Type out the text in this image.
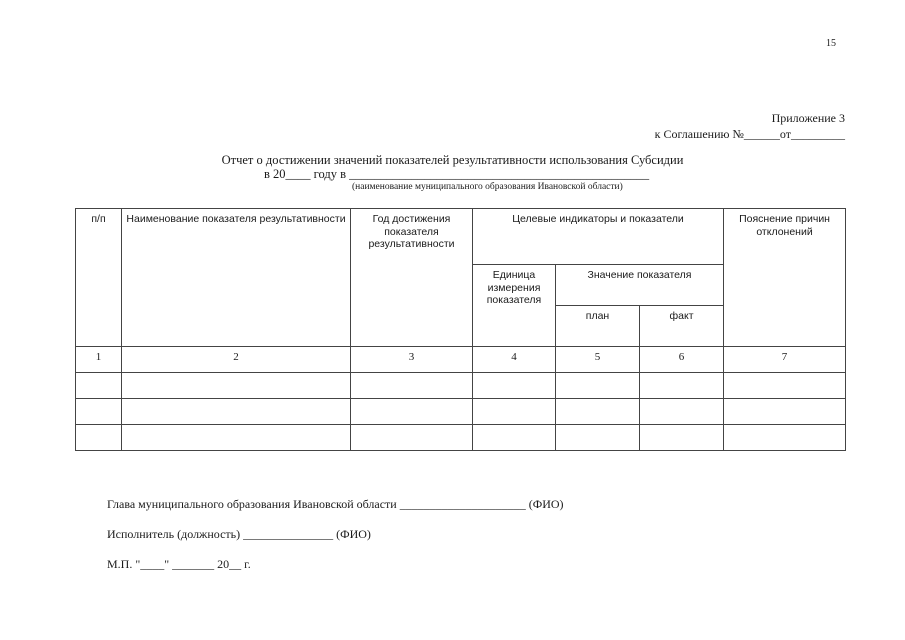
15
Приложение 3
к Соглашению №______от_________
Отчет о достижении значений показателей результативности использования Субсидии
в 20____ году в ________________________________________________
(наименование муниципального образования Ивановской области)
п/п	Наименование показателя результативности	Год достижения показателя результативности	Целевые индикаторы и показатели			Пояснение причин отклонений
			Единица измерения показателя	Значение показателя		
				план	факт	
1	2	3	4	5	6	7

Глава муниципального образования Ивановской области _____________________ (ФИО)
Исполнитель (должность) _______________ (ФИО)
М.П. "____" _______ 20__ г.
